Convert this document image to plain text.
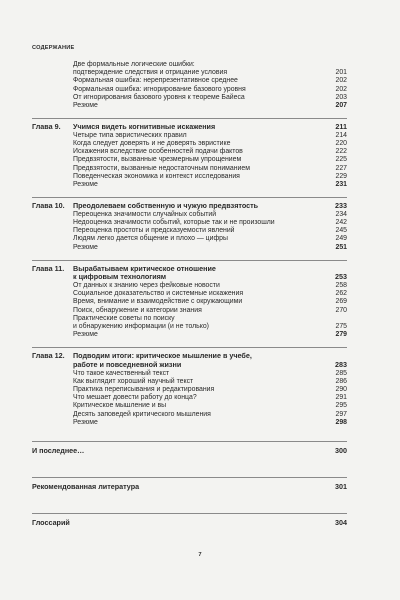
СОДЕРЖАНИЕ
Две формальные логические ошибки:
подтверждение следствия и отрицание условия	201
Формальная ошибка: нерепрезентативное среднее	202
Формальная ошибка: игнорирование базового уровня	202
От игнорирования базового уровня к теореме Байеса	203
Резюме	207
Глава 9.	Учимся видеть когнитивные искажения	211
Четыре типа эвристических правил	214
Когда следует доверять и не доверять эвристике	220
Искажения вследствие особенностей подачи фактов	222
Предвзятости, вызванные чрезмерным упрощением	225
Предвзятости, вызванные недостаточным пониманием	227
Поведенческая экономика и контекст исследования	229
Резюме	231
Глава 10.	Преодолеваем собственную и чужую предвзятость	233
Переоценка значимости случайных событий	234
Недооценка значимости событий, которые так и не произошли	242
Переоценка простоты и предсказуемости явлений	245
Людям легко дается общение и плохо — цифры	249
Резюме	251
Глава 11.	Вырабатываем критическое отношение
к цифровым технологиям	253
От данных к знанию через фейковые новости	258
Социальное доказательство и системные искажения	262
Время, внимание и взаимодействие с окружающими	269
Поиск, обнаружение и категории знания	270
Практические советы по поиску
и обнаружению информации (и не только)	275
Резюме	279
Глава 12.	Подводим итоги: критическое мышление в учебе,
работе и повседневной жизни	283
Что такое качественный текст	285
Как выглядит хороший научный текст	286
Практика переписывания и редактирования	290
Что мешает довести работу до конца?	291
Критическое мышление и вы	295
Десять заповедей критического мышления	297
Резюме	298
И последнее…	300
Рекомендованная литература	301
Глоссарий	304
7
